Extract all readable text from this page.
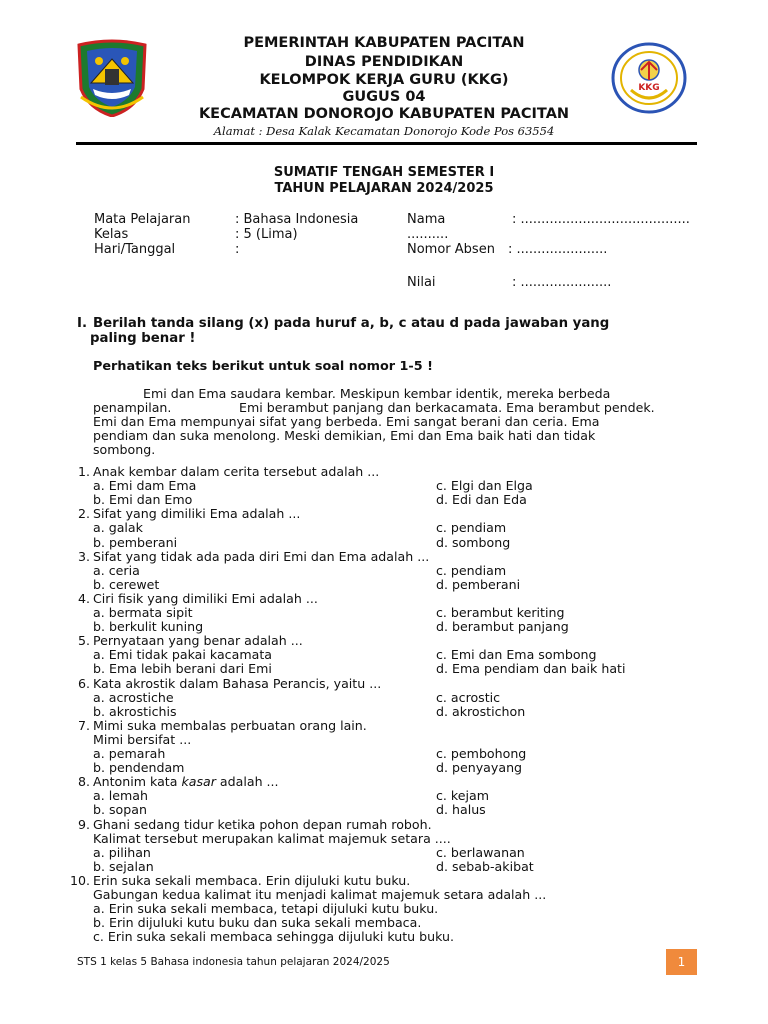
KKG
PEMERINTAH KABUPATEN PACITAN
DINAS PENDIDIKAN
KELOMPOK KERJA GURU (KKG)
GUGUS 04
KECAMATAN DONOROJO KABUPATEN PACITAN
Alamat : Desa Kalak Kecamatan Donorojo Kode Pos 63554
SUMATIF TENGAH SEMESTER I
TAHUN PELAJARAN 2024/2025
Mata Pelajaran	: Bahasa Indonesia
Kelas	: 5 (Lima)
Hari/Tanggal	:
Nama	: .........................................
..........
Nomor Absen : ......................
Nilai	: ......................
I. Berilah tanda silang (x) pada huruf a, b, c atau d pada jawaban yang
paling benar !
Perhatikan teks berikut untuk soal nomor 1-5 !
Emi dan Ema saudara kembar. Meskipun kembar identik, mereka berbeda
penampilan.	Emi berambut panjang dan berkacamata. Ema berambut pendek.
Emi dan Ema mempunyai sifat yang berbeda. Emi sangat berani dan ceria. Ema
pendiam dan suka menolong. Meski demikian, Emi dan Ema baik hati dan tidak
sombong.
1. Anak kembar dalam cerita tersebut adalah ...
a. Emi dam Ema	c. Elgi dan Elga
b. Emi dan Emo	d. Edi dan Eda
2. Sifat yang dimiliki Ema adalah ...
a. galak	c. pendiam
b. pemberani	d. sombong
3. Sifat yang tidak ada pada diri Emi dan Ema adalah ...
a. ceria	c. pendiam
b. cerewet	d. pemberani
4. Ciri fisik yang dimiliki Emi adalah ...
a. bermata sipit	c. berambut keriting
b. berkulit kuning	d. berambut panjang
5. Pernyataan yang benar adalah ...
a. Emi tidak pakai kacamata	c. Emi dan Ema sombong
b. Ema lebih berani dari Emi	d. Ema pendiam dan baik hati
6. Kata akrostik dalam Bahasa Perancis, yaitu ...
a. acrostiche	c. acrostic
b. akrostichis	d. akrostichon
7. Mimi suka membalas perbuatan orang lain.
Mimi bersifat ...
a. pemarah	c. pembohong
b. pendendam	d. penyayang
8. Antonim kata kasar adalah ...
a. lemah	c. kejam
b. sopan	d. halus
9. Ghani sedang tidur ketika pohon depan rumah roboh.
Kalimat tersebut merupakan kalimat majemuk setara ....
a. pilihan	c. berlawanan
b. sejalan	d. sebab-akibat
10. Erin suka sekali membaca. Erin dijuluki kutu buku.
Gabungan kedua kalimat itu menjadi kalimat majemuk setara adalah ...
a. Erin suka sekali membaca, tetapi dijuluki kutu buku.
b. Erin dijuluki kutu buku dan suka sekali membaca.
c. Erin suka sekali membaca sehingga dijuluki kutu buku.
STS 1 kelas 5 Bahasa indonesia tahun pelajaran 2024/2025	1
